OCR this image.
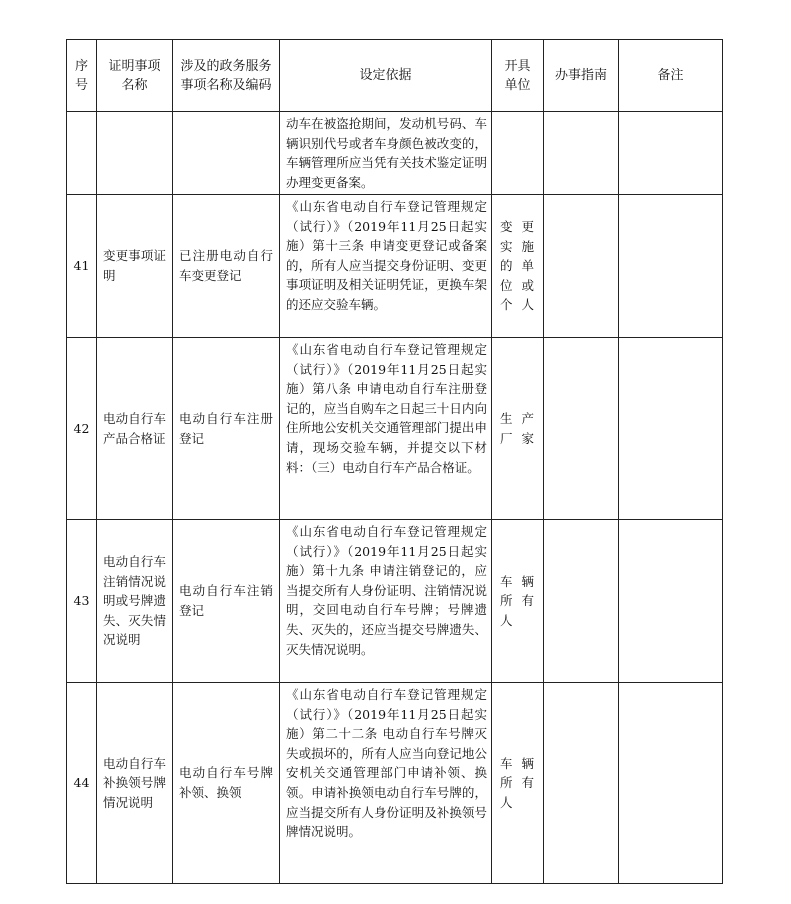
序号	证明事项名称	涉及的政务服务事项名称及编码	设定依据	开具单位	办事指南	备注
			动车在被盗抢期间，发动机号码、车辆识别代号或者车身颜色被改变的，车辆管理所应当凭有关技术鉴定证明办理变更备案。			
41	变更事项证明	已注册电动自行车变更登记	《山东省电动自行车登记管理规定（试行）》（2019年11月25日起实施）第十三条 申请变更登记或备案的，所有人应当提交身份证明、变更事项证明及相关证明凭证，更换车架的还应交验车辆。	变更实施的单位或个人		
42	电动自行车产品合格证	电动自行车注册登记	《山东省电动自行车登记管理规定（试行）》（2019年11月25日起实施）第八条 申请电动自行车注册登记的，应当自购车之日起三十日内向住所地公安机关交通管理部门提出申请，现场交验车辆，并提交以下材料：（三）电动自行车产品合格证。	生产厂家		
43	电动自行车注销情况说明或号牌遗失、灭失情况说明	电动自行车注销登记	《山东省电动自行车登记管理规定（试行）》（2019年11月25日起实施）第十九条 申请注销登记的，应当提交所有人身份证明、注销情况说明，交回电动自行车号牌；号牌遗失、灭失的，还应当提交号牌遗失、灭失情况说明。	车辆所有人		
44	电动自行车补换领号牌情况说明	电动自行车号牌补领、换领	《山东省电动自行车登记管理规定（试行）》（2019年11月25日起实施）第二十二条 电动自行车号牌灭失或损坏的，所有人应当向登记地公安机关交通管理部门申请补领、换领。申请补换领电动自行车号牌的，应当提交所有人身份证明及补换领号牌情况说明。	车辆所有人		
